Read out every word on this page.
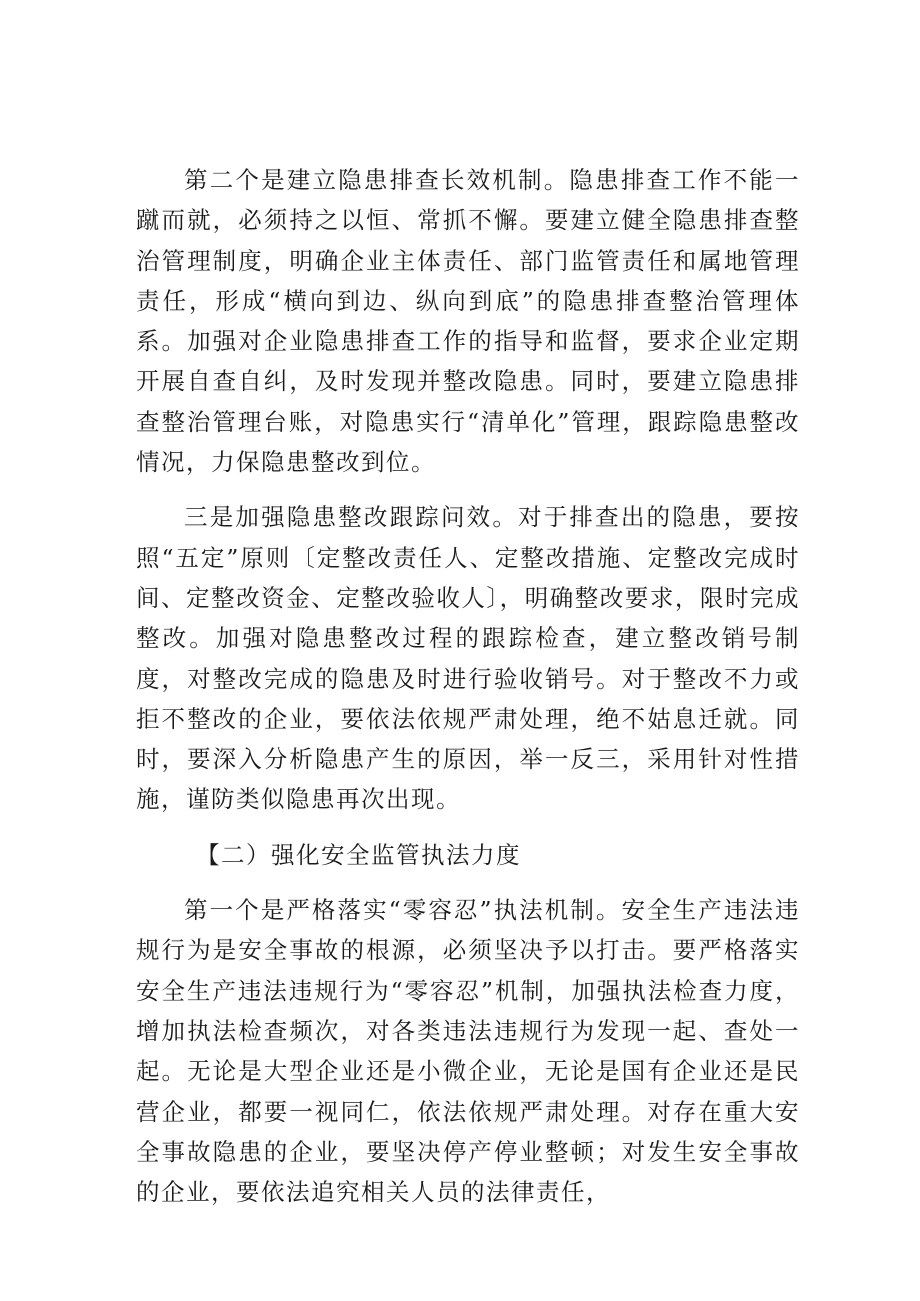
第二个是建立隐患排查长效机制。隐患排查工作不能一蹴而就，必须持之以恒、常抓不懈。要建立健全隐患排查整治管理制度，明确企业主体责任、部门监管责任和属地管理责任，形成“横向到边、纵向到底”的隐患排查整治管理体系。加强对企业隐患排查工作的指导和监督，要求企业定期开展自查自纠，及时发现并整改隐患。同时，要建立隐患排查整治管理台账，对隐患实行“清单化”管理，跟踪隐患整改情况，力保隐患整改到位。

三是加强隐患整改跟踪问效。对于排查出的隐患，要按照“五定”原则〔定整改责任人、定整改措施、定整改完成时间、定整改资金、定整改验收人〕，明确整改要求，限时完成整改。加强对隐患整改过程的跟踪检查，建立整改销号制度，对整改完成的隐患及时进行验收销号。对于整改不力或拒不整改的企业，要依法依规严肃处理，绝不姑息迁就。同时，要深入分析隐患产生的原因，举一反三，采用针对性措施，谨防类似隐患再次出现。

【二）强化安全监管执法力度

第一个是严格落实“零容忍”执法机制。安全生产违法违规行为是安全事故的根源，必须坚决予以打击。要严格落实安全生产违法违规行为“零容忍”机制，加强执法检查力度，增加执法检查频次，对各类违法违规行为发现一起、查处一起。无论是大型企业还是小微企业，无论是国有企业还是民营企业，都要一视同仁，依法依规严肃处理。对存在重大安全事故隐患的企业，要坚决停产停业整顿；对发生安全事故的企业，要依法追究相关人员的法律责任，
